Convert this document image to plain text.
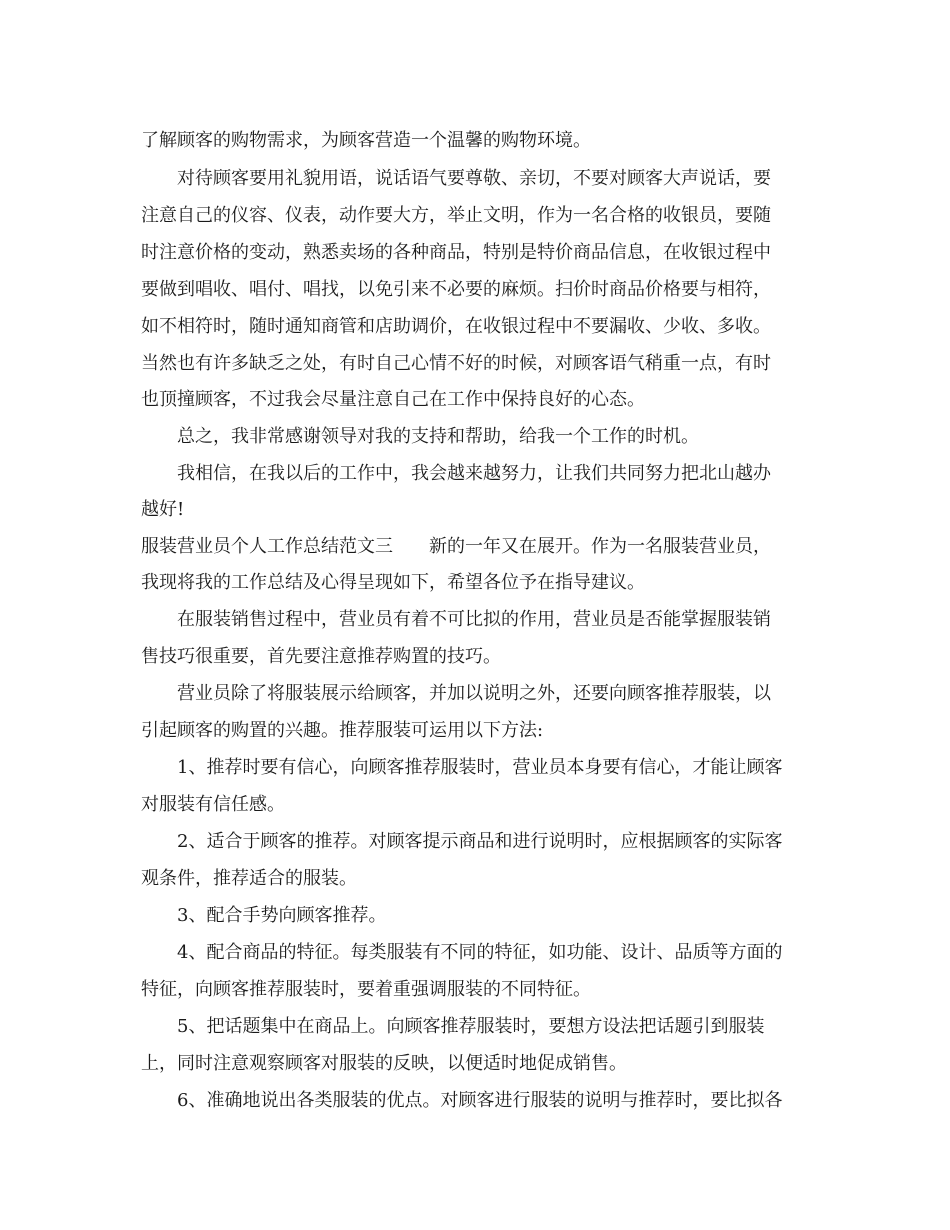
了解顾客的购物需求，为顾客营造一个温馨的购物环境。
对待顾客要用礼貌用语，说话语气要尊敬、亲切，不要对顾客大声说话，要
注意自己的仪容、仪表，动作要大方，举止文明，作为一名合格的收银员，要随
时注意价格的变动，熟悉卖场的各种商品，特别是特价商品信息，在收银过程中
要做到唱收、唱付、唱找，以免引来不必要的麻烦。扫价时商品价格要与相符，
如不相符时，随时通知商管和店助调价，在收银过程中不要漏收、少收、多收。
当然也有许多缺乏之处，有时自己心情不好的时候，对顾客语气稍重一点，有时
也顶撞顾客，不过我会尽量注意自己在工作中保持良好的心态。
总之，我非常感谢领导对我的支持和帮助，给我一个工作的时机。
我相信，在我以后的工作中，我会越来越努力，让我们共同努力把北山越办
越好!
服装营业员个人工作总结范文三　　新的一年又在展开。作为一名服装营业员，
我现将我的工作总结及心得呈现如下，希望各位予在指导建议。
在服装销售过程中，营业员有着不可比拟的作用，营业员是否能掌握服装销
售技巧很重要，首先要注意推荐购置的技巧。
营业员除了将服装展示给顾客，并加以说明之外，还要向顾客推荐服装，以
引起顾客的购置的兴趣。推荐服装可运用以下方法:
1、推荐时要有信心，向顾客推荐服装时，营业员本身要有信心，才能让顾客
对服装有信任感。
2、适合于顾客的推荐。对顾客提示商品和进行说明时，应根据顾客的实际客
观条件，推荐适合的服装。
3、配合手势向顾客推荐。
4、配合商品的特征。每类服装有不同的特征，如功能、设计、品质等方面的
特征，向顾客推荐服装时，要着重强调服装的不同特征。
5、把话题集中在商品上。向顾客推荐服装时，要想方设法把话题引到服装
上，同时注意观察顾客对服装的反映，以便适时地促成销售。
6、准确地说出各类服装的优点。对顾客进行服装的说明与推荐时，要比拟各
